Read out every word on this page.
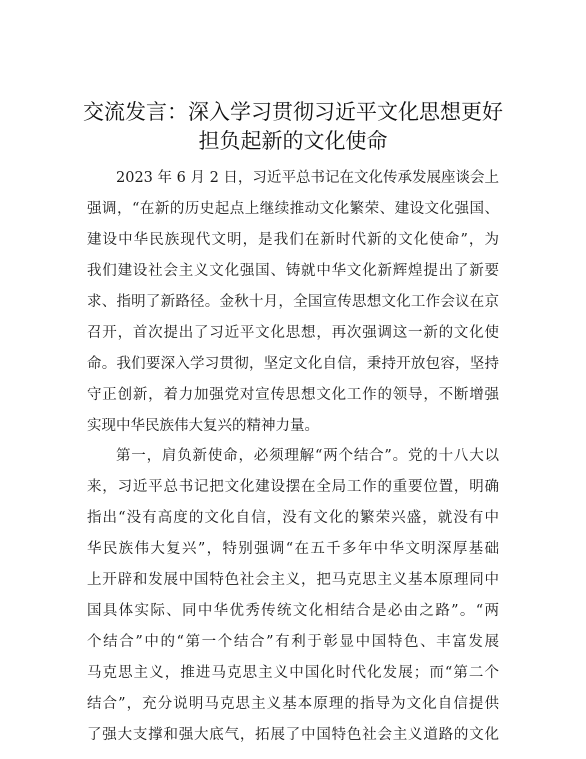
交流发言：深入学习贯彻习近平文化思想更好
担负起新的文化使命
2023 年 6 月 2 日，习近平总书记在文化传承发展座谈会上
强调，“在新的历史起点上继续推动文化繁荣、建设文化强国、
建设中华民族现代文明，是我们在新时代新的文化使命”，为
我们建设社会主义文化强国、铸就中华文化新辉煌提出了新要
求、指明了新路径。金秋十月，全国宣传思想文化工作会议在京
召开，首次提出了习近平文化思想，再次强调这一新的文化使
命。我们要深入学习贯彻，坚定文化自信，秉持开放包容，坚持
守正创新，着力加强党对宣传思想文化工作的领导，不断增强
实现中华民族伟大复兴的精神力量。
第一，肩负新使命，必须理解“两个结合”。党的十八大以
来，习近平总书记把文化建设摆在全局工作的重要位置，明确
指出“没有高度的文化自信，没有文化的繁荣兴盛，就没有中
华民族伟大复兴”，特别强调“在五千多年中华文明深厚基础
上开辟和发展中国特色社会主义，把马克思主义基本原理同中
国具体实际、同中华优秀传统文化相结合是必由之路”。“两
个结合”中的“第一个结合”有利于彰显中国特色、丰富发展
马克思主义，推进马克思主义中国化时代化发展；而“第二个
结合”，充分说明马克思主义基本原理的指导为文化自信提供
了强大支撑和强大底气，拓展了中国特色社会主义道路的文化
